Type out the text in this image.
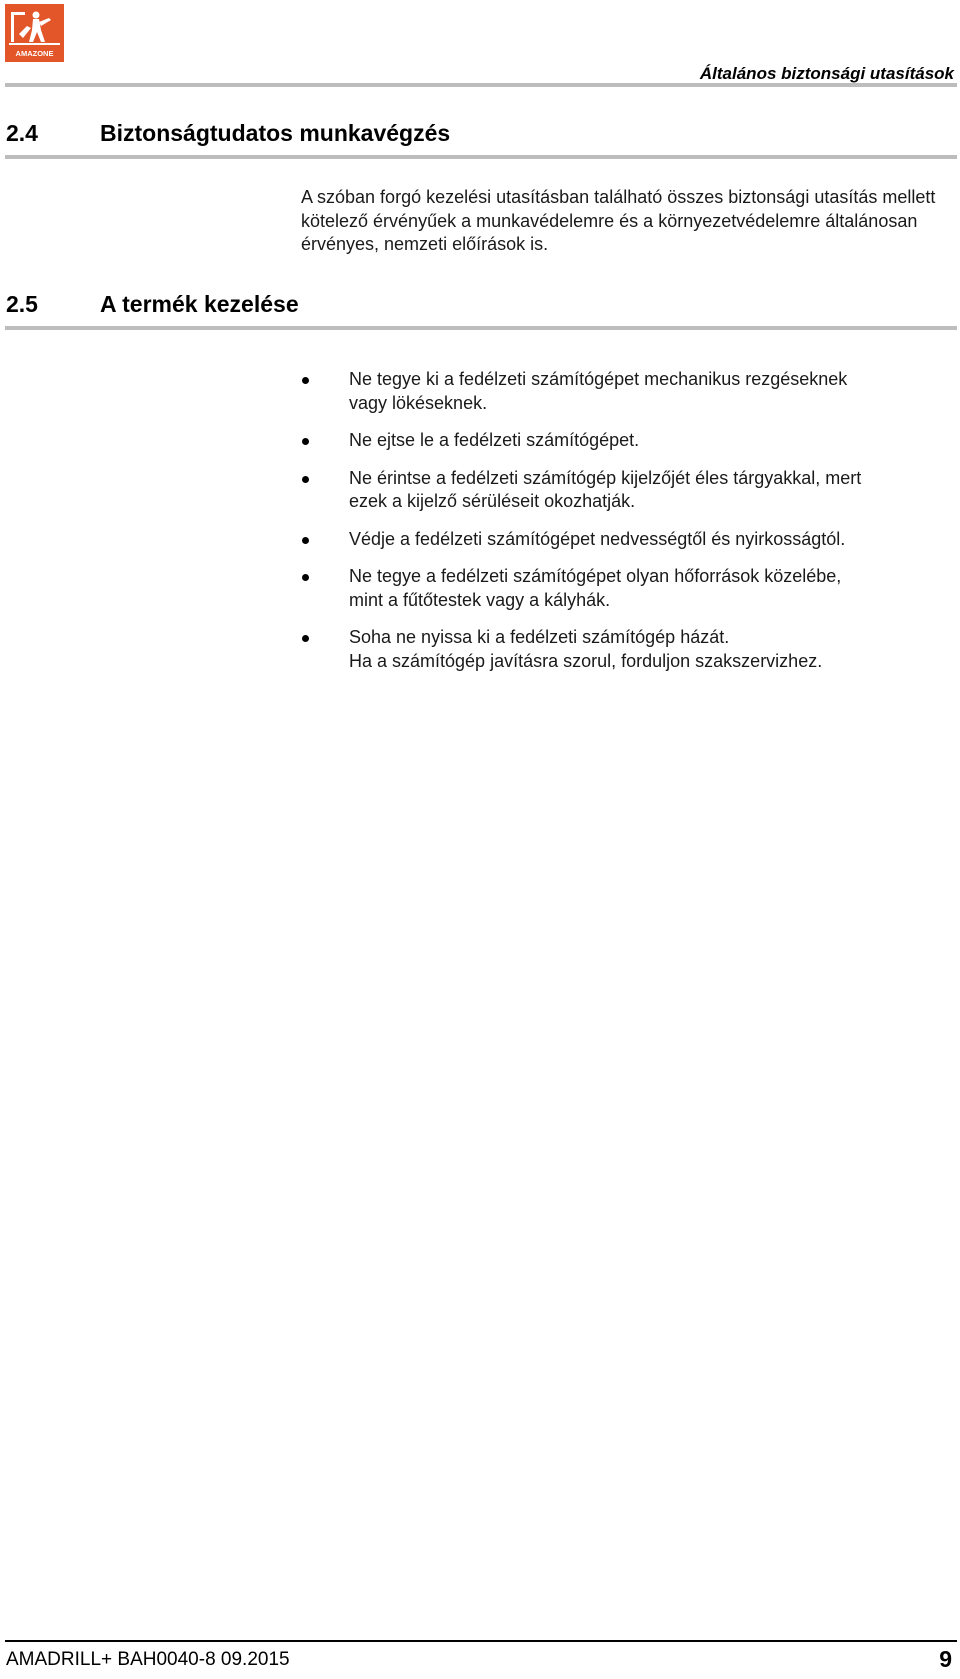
AMAZONE
Általános biztonsági utasítások
2.4	Biztonságtudatos munkavégzés
A szóban forgó kezelési utasításban található összes biztonsági utasítás mellett kötelező érvényűek a munkavédelemre és a környezetvédelemre általánosan érvényes, nemzeti előírások is.
2.5	A termék kezelése
Ne tegye ki a fedélzeti számítógépet mechanikus rezgéseknek
vagy lökéseknek.
Ne ejtse le a fedélzeti számítógépet.
Ne érintse a fedélzeti számítógép kijelzőjét éles tárgyakkal, mert
ezek a kijelző sérüléseit okozhatják.
Védje a fedélzeti számítógépet nedvességtől és nyirkosságtól.
Ne tegye a fedélzeti számítógépet olyan hőforrások közelébe,
mint a fűtőtestek vagy a kályhák.
Soha ne nyissa ki a fedélzeti számítógép házát.
Ha a számítógép javításra szorul, forduljon szakszervizhez.
AMADRILL+ BAH0040-8 09.2015	9
